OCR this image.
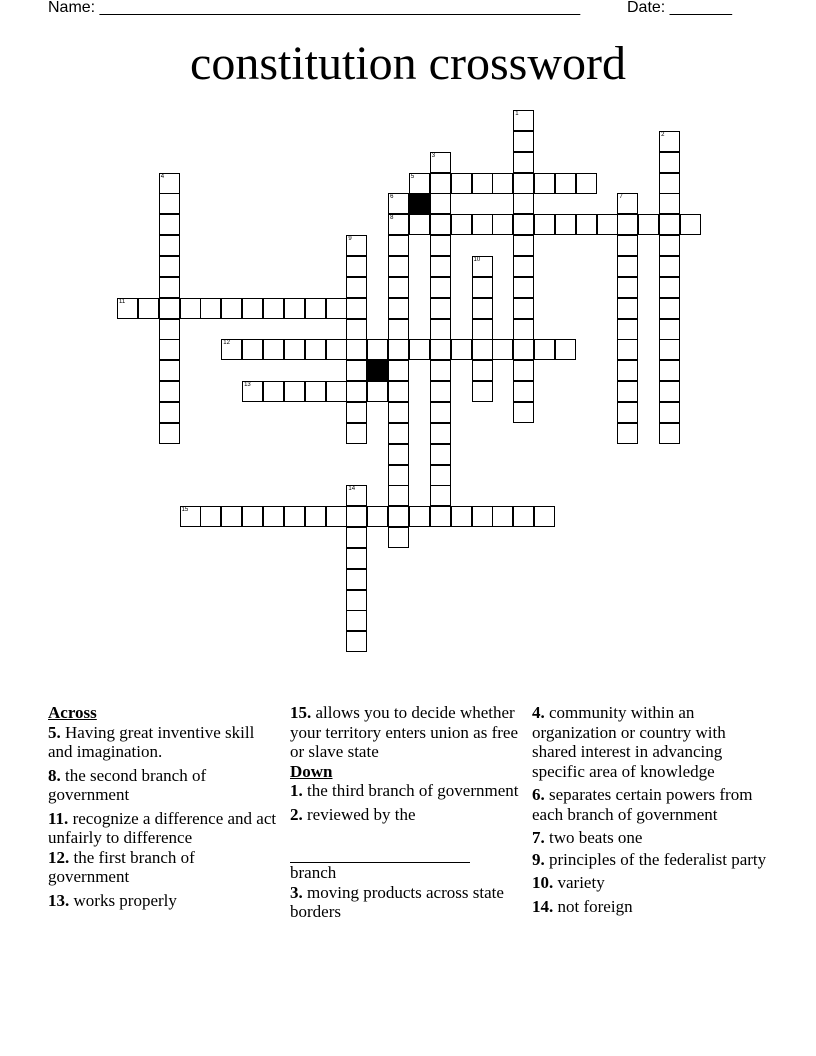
Name: ______________________________________________________	Date: _______
constitution crossword
5
8
11
12
13
15
1
2
3
4
6	7
9
10
14

Across

5. Having great inventive skill and imagination.

8. the second branch of government

11. recognize a difference and act unfairly to difference

12. the first branch of government

13. works properly

15. allows you to decide whether your territory enters union as free or slave state

Down

1. the third branch of government

2. reviewed by the

branch

3. moving products across state borders

4. community within an organization or country with shared interest in advancing specific area of knowledge

6. separates certain powers from each branch of government

7. two beats one

9. principles of the federalist party

10. variety

14. not foreign
